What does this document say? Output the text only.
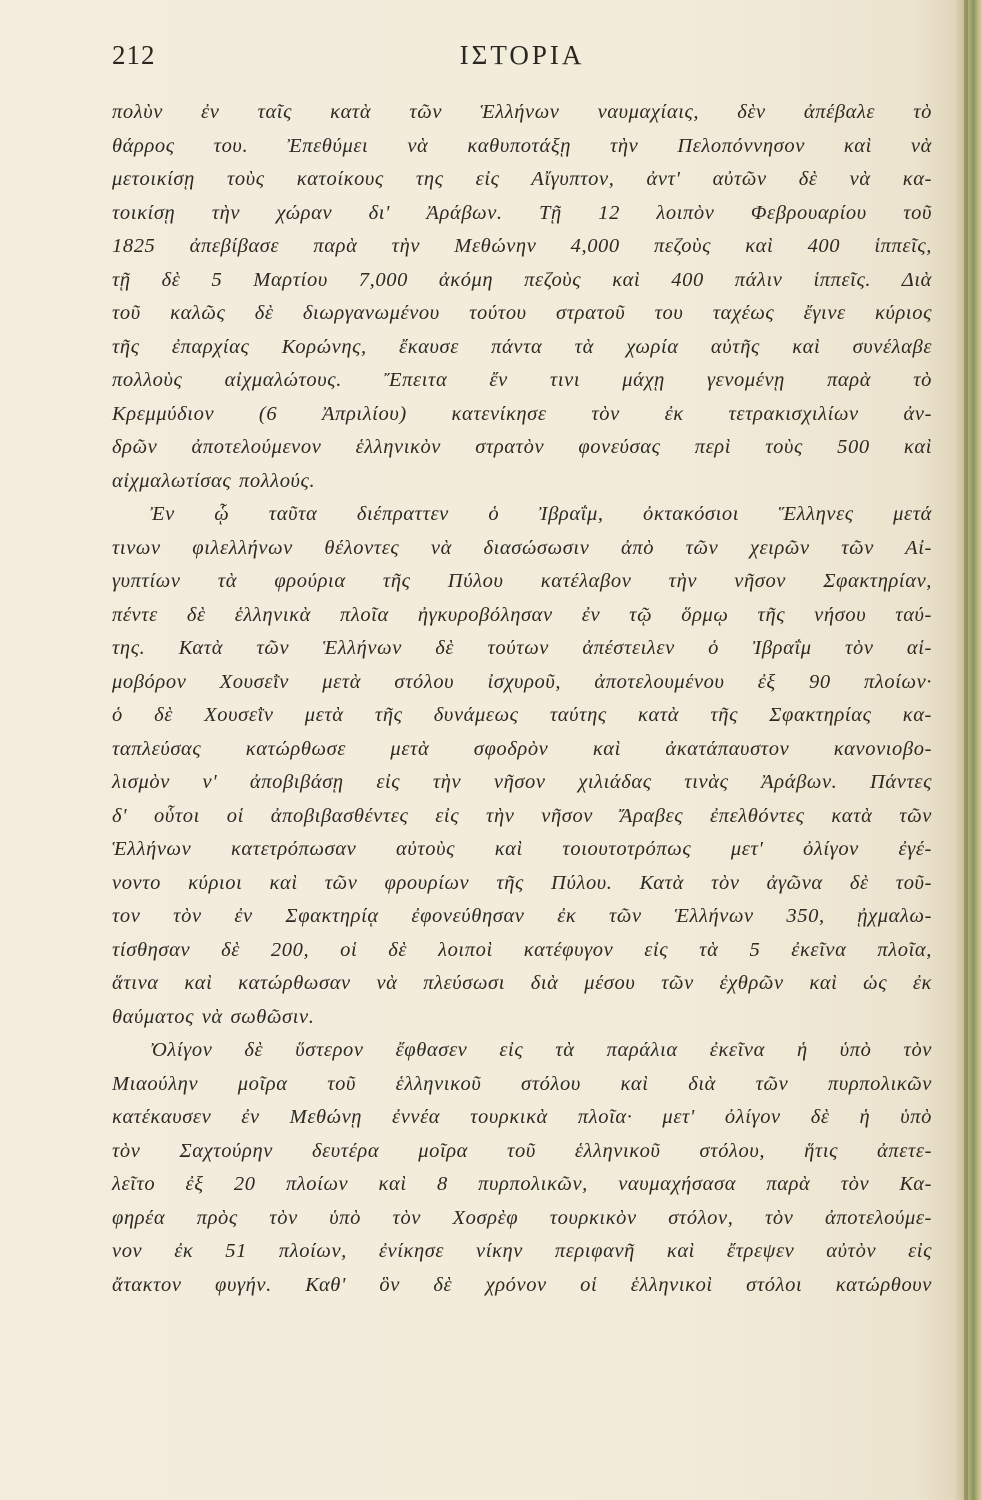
212	ΙΣΤΟΡΙΑ
πολὺν ἐν ταῖς κατὰ τῶν Ἑλλήνων ναυμαχίαις, δὲν ἀπέβαλε τὸ
θάρρος του. Ἐπεθύμει νὰ καθυποτάξῃ τὴν Πελοπόννησον καὶ νὰ
μετοικίσῃ τοὺς κατοίκους της εἰς Αἴγυπτον, ἀντ' αὐτῶν δὲ νὰ κα-
τοικίσῃ τὴν χώραν δι' Ἀράβων. Τῇ 12 λοιπὸν Φεβρουαρίου τοῦ
1825 ἀπεβίβασε παρὰ τὴν Μεθώνην 4,000 πεζοὺς καὶ 400 ἱππεῖς,
τῇ δὲ 5 Μαρτίου 7,000 ἀκόμη πεζοὺς καὶ 400 πάλιν ἱππεῖς. Διὰ
τοῦ καλῶς δὲ διωργανωμένου τούτου στρατοῦ του ταχέως ἔγινε κύριος
τῆς ἐπαρχίας Κορώνης, ἔκαυσε πάντα τὰ χωρία αὐτῆς καὶ συνέλαβε
πολλοὺς αἰχμαλώτους. Ἔπειτα ἔν τινι μάχῃ γενομένῃ παρὰ τὸ
Κρεμμύδιον (6 Ἀπριλίου) κατενίκησε τὸν ἐκ τετρακισχιλίων ἀν-
δρῶν ἀποτελούμενον ἑλληνικὸν στρατὸν φονεύσας περὶ τοὺς 500 καὶ
αἰχμαλωτίσας πολλούς.
Ἐν ᾧ ταῦτα διέπραττεν ὁ Ἰβραΐμ, ὀκτακόσιοι Ἕλληνες μετά
τινων φιλελλήνων θέλοντες νὰ διασώσωσιν ἀπὸ τῶν χειρῶν τῶν Αἰ-
γυπτίων τὰ φρούρια τῆς Πύλου κατέλαβον τὴν νῆσον Σφακτηρίαν,
πέντε δὲ ἑλληνικὰ πλοῖα ἠγκυροβόλησαν ἐν τῷ ὅρμῳ τῆς νήσου ταύ-
της. Κατὰ τῶν Ἑλλήνων δὲ τούτων ἀπέστειλεν ὁ Ἰβραΐμ τὸν αἱ-
μοβόρον Χουσεῒν μετὰ στόλου ἰσχυροῦ, ἀποτελουμένου ἐξ 90 πλοίων·
ὁ δὲ Χουσεῒν μετὰ τῆς δυνάμεως ταύτης κατὰ τῆς Σφακτηρίας κα-
ταπλεύσας κατώρθωσε μετὰ σφοδρὸν καὶ ἀκατάπαυστον κανονιοβο-
λισμὸν ν' ἀποβιβάσῃ εἰς τὴν νῆσον χιλιάδας τινὰς Ἀράβων. Πάντες
δ' οὗτοι οἱ ἀποβιβασθέντες εἰς τὴν νῆσον Ἄραβες ἐπελθόντες κατὰ τῶν
Ἑλλήνων κατετρόπωσαν αὐτοὺς καὶ τοιουτοτρόπως μετ' ὀλίγον ἐγέ-
νοντο κύριοι καὶ τῶν φρουρίων τῆς Πύλου. Κατὰ τὸν ἀγῶνα δὲ τοῦ-
τον τὸν ἐν Σφακτηρίᾳ ἐφονεύθησαν ἐκ τῶν Ἑλλήνων 350, ᾐχμαλω-
τίσθησαν δὲ 200, οἱ δὲ λοιποὶ κατέφυγον εἰς τὰ 5 ἐκεῖνα πλοῖα,
ἅτινα καὶ κατώρθωσαν νὰ πλεύσωσι διὰ μέσου τῶν ἐχθρῶν καὶ ὡς ἐκ
θαύματος νὰ σωθῶσιν.
Ὀλίγον δὲ ὕστερον ἔφθασεν εἰς τὰ παράλια ἐκεῖνα ἡ ὑπὸ τὸν
Μιαούλην μοῖρα τοῦ ἑλληνικοῦ στόλου καὶ διὰ τῶν πυρπολικῶν
κατέκαυσεν ἐν Μεθώνῃ ἐννέα τουρκικὰ πλοῖα· μετ' ὀλίγον δὲ ἡ ὑπὸ
τὸν Σαχτούρην δευτέρα μοῖρα τοῦ ἑλληνικοῦ στόλου, ἥτις ἀπετε-
λεῖτο ἐξ 20 πλοίων καὶ 8 πυρπολικῶν, ναυμαχήσασα παρὰ τὸν Κα-
φηρέα πρὸς τὸν ὑπὸ τὸν Χοσρὲφ τουρκικὸν στόλον, τὸν ἀποτελούμε-
νον ἐκ 51 πλοίων, ἐνίκησε νίκην περιφανῆ καὶ ἔτρεψεν αὐτὸν εἰς
ἄτακτον φυγήν. Καθ' ὃν δὲ χρόνον οἱ ἑλληνικοὶ στόλοι κατώρθουν
